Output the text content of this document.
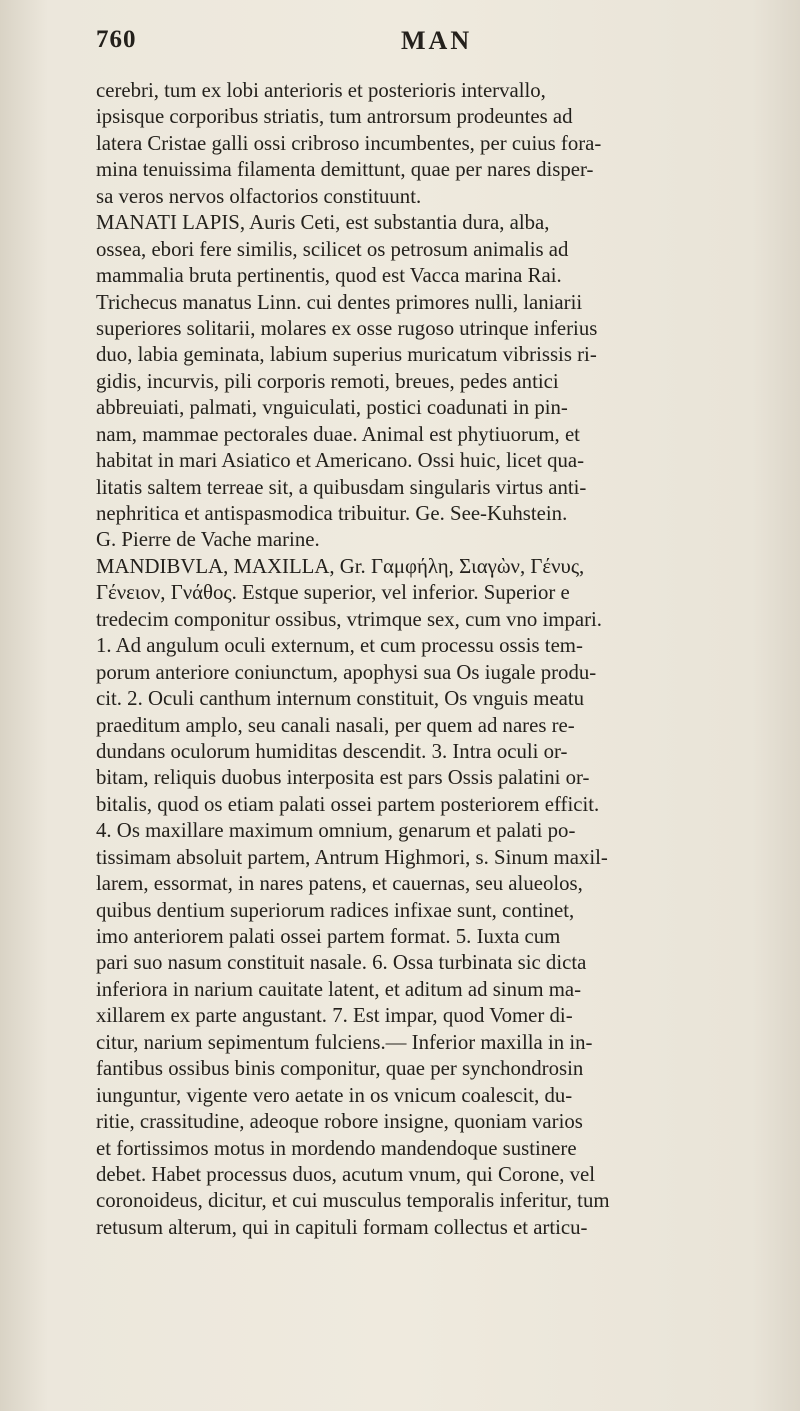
760	MAN
cerebri, tum ex lobi anterioris et posterioris intervallo,
ipsisque corporibus striatis, tum antrorsum prodeuntes ad
latera Cristae galli ossi cribroso incumbentes, per cuius fora-
mina tenuissima filamenta demittunt, quae per nares disper-
sa veros nervos olfactorios constituunt.
MANATI LAPIS, Auris Ceti, est substantia dura, alba,
ossea, ebori fere similis, scilicet os petrosum animalis ad
mammalia bruta pertinentis, quod est Vacca marina Rai.
Trichecus manatus Linn. cui dentes primores nulli, laniarii
superiores solitarii, molares ex osse rugoso utrinque inferius
duo, labia geminata, labium superius muricatum vibrissis ri-
gidis, incurvis, pili corporis remoti, breues, pedes antici
abbreuiati, palmati, vnguiculati, postici coadunati in pin-
nam, mammae pectorales duae. Animal est phytiuorum, et
habitat in mari Asiatico et Americano. Ossi huic, licet qua-
litatis saltem terreae sit, a quibusdam singularis virtus anti-
nephritica et antispasmodica tribuitur. Ge. See-Kuhstein.
G. Pierre de Vache marine.
MANDIBVLA, MAXILLA, Gr. Γαμφήλη, Σιαγὼν, Γένυς,
Γένειον, Γνάθος. Estque superior, vel inferior. Superior e
tredecim componitur ossibus, vtrimque sex, cum vno impari.
1. Ad angulum oculi externum, et cum processu ossis tem-
porum anteriore coniunctum, apophysi sua Os iugale produ-
cit. 2. Oculi canthum internum constituit, Os vnguis meatu
praeditum amplo, seu canali nasali, per quem ad nares re-
dundans oculorum humiditas descendit. 3. Intra oculi or-
bitam, reliquis duobus interposita est pars Ossis palatini or-
bitalis, quod os etiam palati ossei partem posteriorem efficit.
4. Os maxillare maximum omnium, genarum et palati po-
tissimam absoluit partem, Antrum Highmori, s. Sinum maxil-
larem, essormat, in nares patens, et cauernas, seu alueolos,
quibus dentium superiorum radices infixae sunt, continet,
imo anteriorem palati ossei partem format. 5. Iuxta cum
pari suo nasum constituit nasale. 6. Ossa turbinata sic dicta
inferiora in narium cauitate latent, et aditum ad sinum ma-
xillarem ex parte angustant. 7. Est impar, quod Vomer di-
citur, narium sepimentum fulciens.— Inferior maxilla in in-
fantibus ossibus binis componitur, quae per synchondrosin
iunguntur, vigente vero aetate in os vnicum coalescit, du-
ritie, crassitudine, adeoque robore insigne, quoniam varios
et fortissimos motus in mordendo mandendoque sustinere
debet. Habet processus duos, acutum vnum, qui Corone, vel
coronoideus, dicitur, et cui musculus temporalis inferitur, tum
retusum alterum, qui in capituli formam collectus et articu-
